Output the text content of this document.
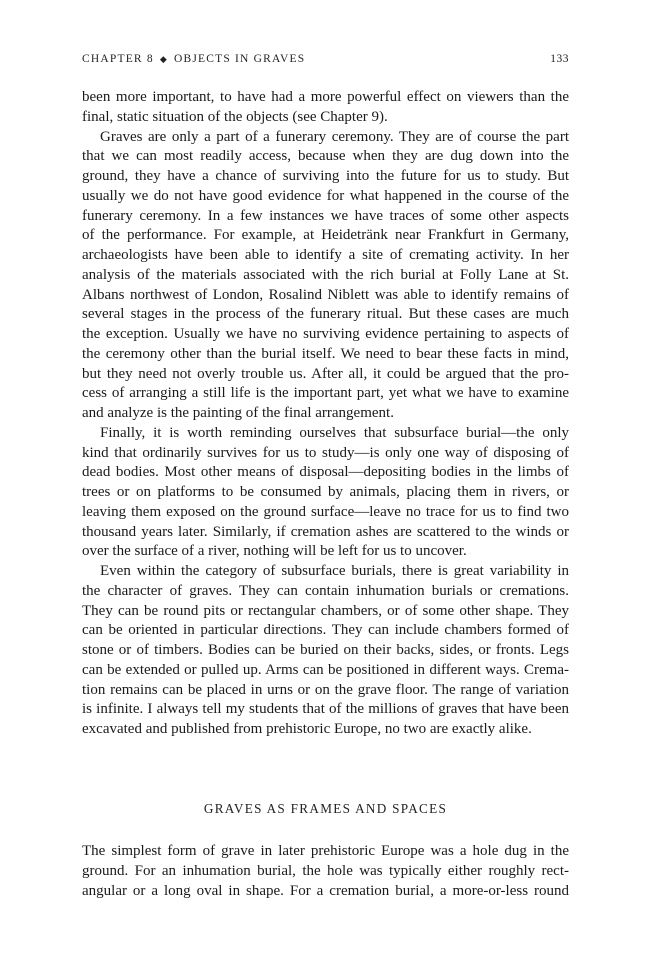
CHAPTER 8 ◆ OBJECTS IN GRAVES	133

been more important, to have had a more powerful effect on viewers than the
final, static situation of the objects (see Chapter 9).

Graves are only a part of a funerary ceremony. They are of course the part
that we can most readily access, because when they are dug down into the
ground, they have a chance of surviving into the future for us to study. But
usually we do not have good evidence for what happened in the course of the
funerary ceremony. In a few instances we have traces of some other aspects
of the performance. For example, at Heidetränk near Frankfurt in Germany,
archaeologists have been able to identify a site of cremating activity. In her
analysis of the materials associated with the rich burial at Folly Lane at St.
Albans northwest of London, Rosalind Niblett was able to identify remains of
several stages in the process of the funerary ritual. But these cases are much
the exception. Usually we have no surviving evidence pertaining to aspects of
the ceremony other than the burial itself. We need to bear these facts in mind,
but they need not overly trouble us. After all, it could be argued that the pro-
cess of arranging a still life is the important part, yet what we have to examine
and analyze is the painting of the final arrangement.

Finally, it is worth reminding ourselves that subsurface burial—the only
kind that ordinarily survives for us to study—is only one way of disposing of
dead bodies. Most other means of disposal—depositing bodies in the limbs of
trees or on platforms to be consumed by animals, placing them in rivers, or
leaving them exposed on the ground surface—leave no trace for us to find two
thousand years later. Similarly, if cremation ashes are scattered to the winds or
over the surface of a river, nothing will be left for us to uncover.

Even within the category of subsurface burials, there is great variability in
the character of graves. They can contain inhumation burials or cremations.
They can be round pits or rectangular chambers, or of some other shape. They
can be oriented in particular directions. They can include chambers formed of
stone or of timbers. Bodies can be buried on their backs, sides, or fronts. Legs
can be extended or pulled up. Arms can be positioned in different ways. Crema-
tion remains can be placed in urns or on the grave floor. The range of variation
is infinite. I always tell my students that of the millions of graves that have been
excavated and published from prehistoric Europe, no two are exactly alike.

GRAVES AS FRAMES AND SPACES

The simplest form of grave in later prehistoric Europe was a hole dug in the
ground. For an inhumation burial, the hole was typically either roughly rect-
angular or a long oval in shape. For a cremation burial, a more-or-less round
